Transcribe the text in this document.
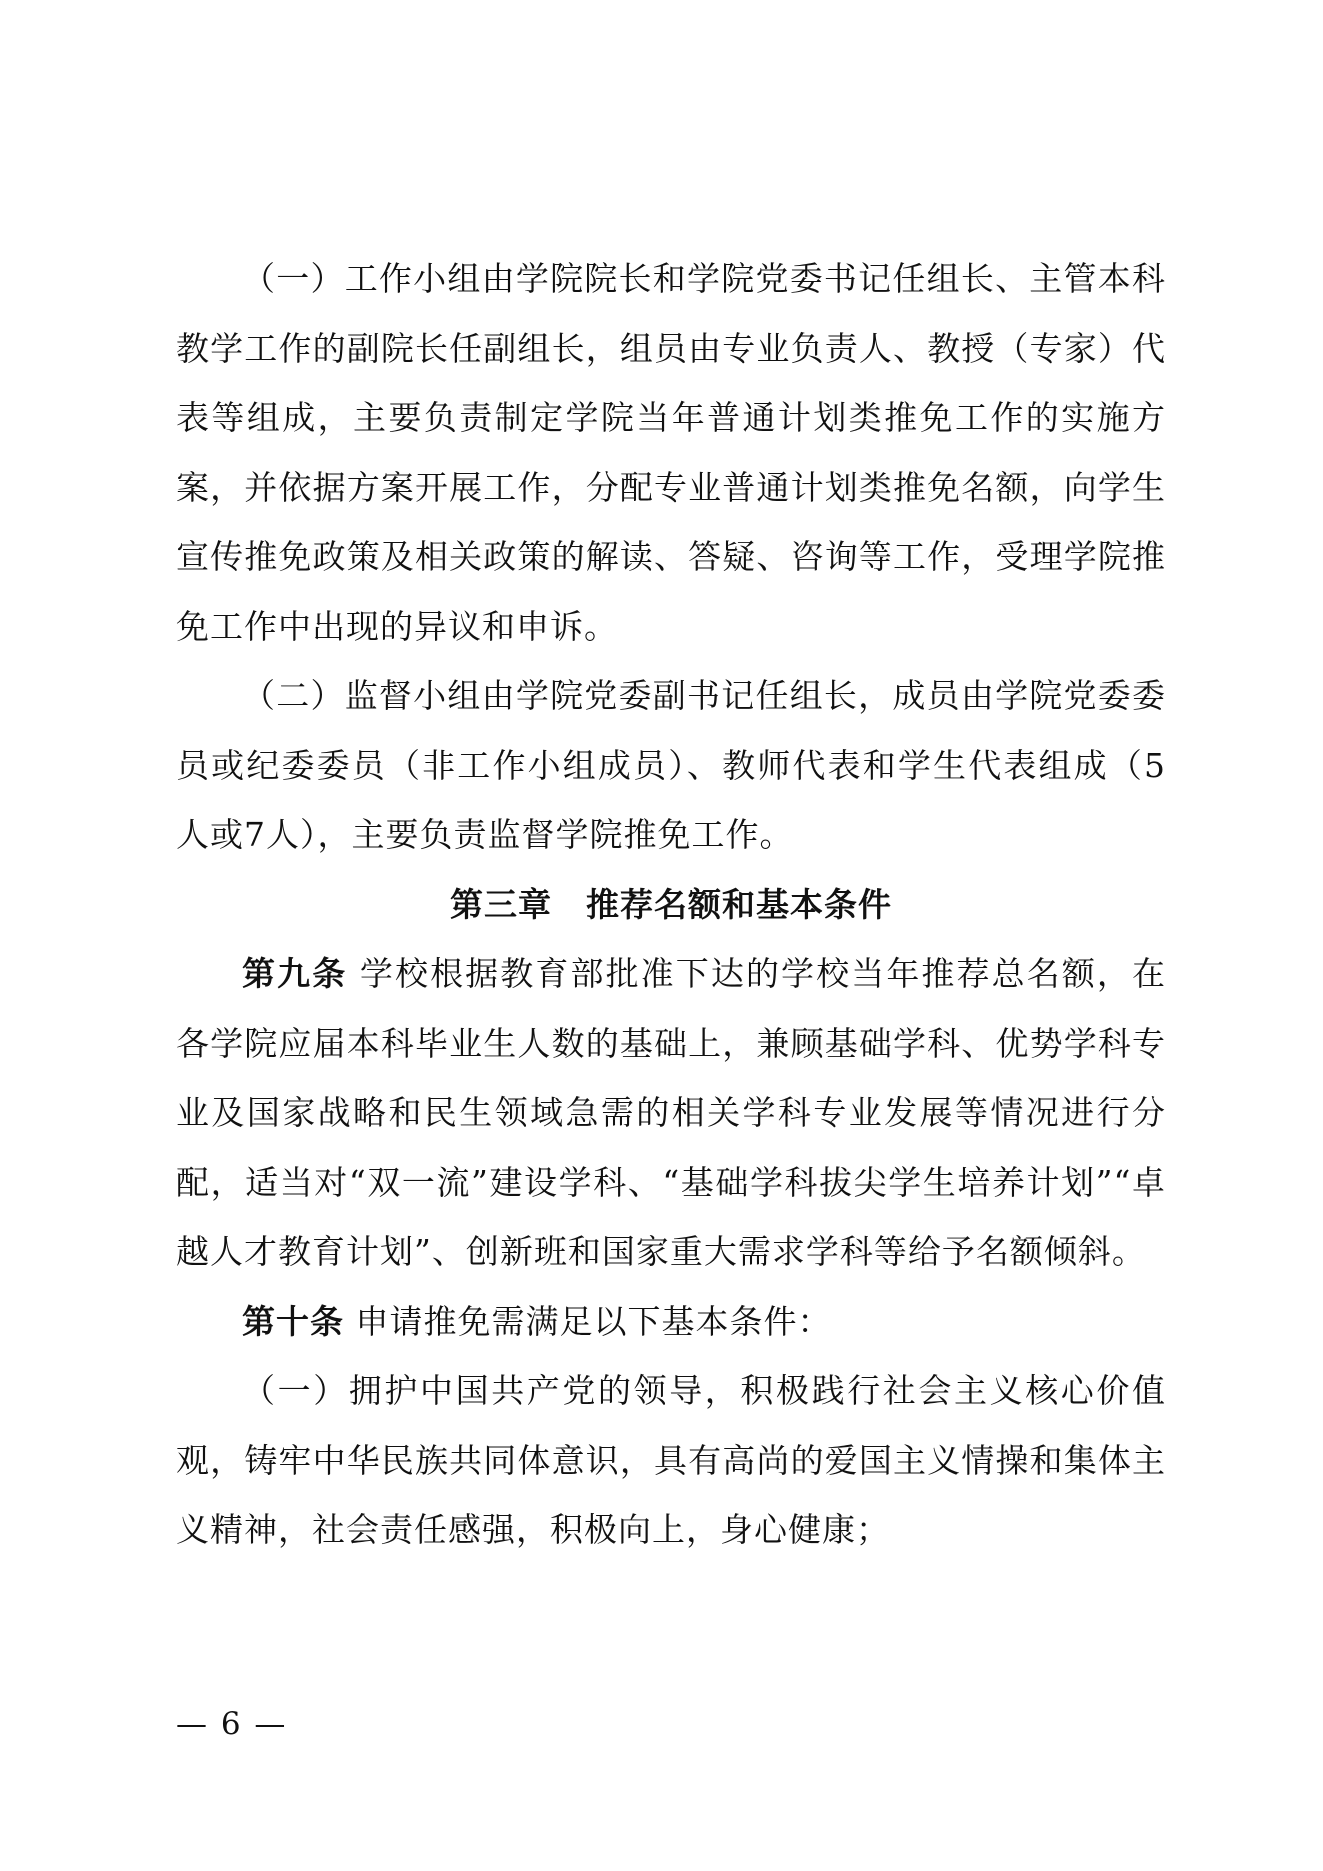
（一）工作小组由学院院长和学院党委书记任组长、主管本科教学工作的副院长任副组长，组员由专业负责人、教授（专家）代表等组成，主要负责制定学院当年普通计划类推免工作的实施方案，并依据方案开展工作，分配专业普通计划类推免名额，向学生宣传推免政策及相关政策的解读、答疑、咨询等工作，受理学院推免工作中出现的异议和申诉。

（二）监督小组由学院党委副书记任组长，成员由学院党委委员或纪委委员（非工作小组成员）、教师代表和学生代表组成（5人或7人），主要负责监督学院推免工作。

第三章　推荐名额和基本条件

第九条 学校根据教育部批准下达的学校当年推荐总名额，在各学院应届本科毕业生人数的基础上，兼顾基础学科、优势学科专业及国家战略和民生领域急需的相关学科专业发展等情况进行分配，适当对“双一流”建设学科、“基础学科拔尖学生培养计划”“卓越人才教育计划”、创新班和国家重大需求学科等给予名额倾斜。

第十条 申请推免需满足以下基本条件：

（一）拥护中国共产党的领导，积极践行社会主义核心价值观，铸牢中华民族共同体意识，具有高尚的爱国主义情操和集体主义精神，社会责任感强，积极向上，身心健康；

— 6 —
